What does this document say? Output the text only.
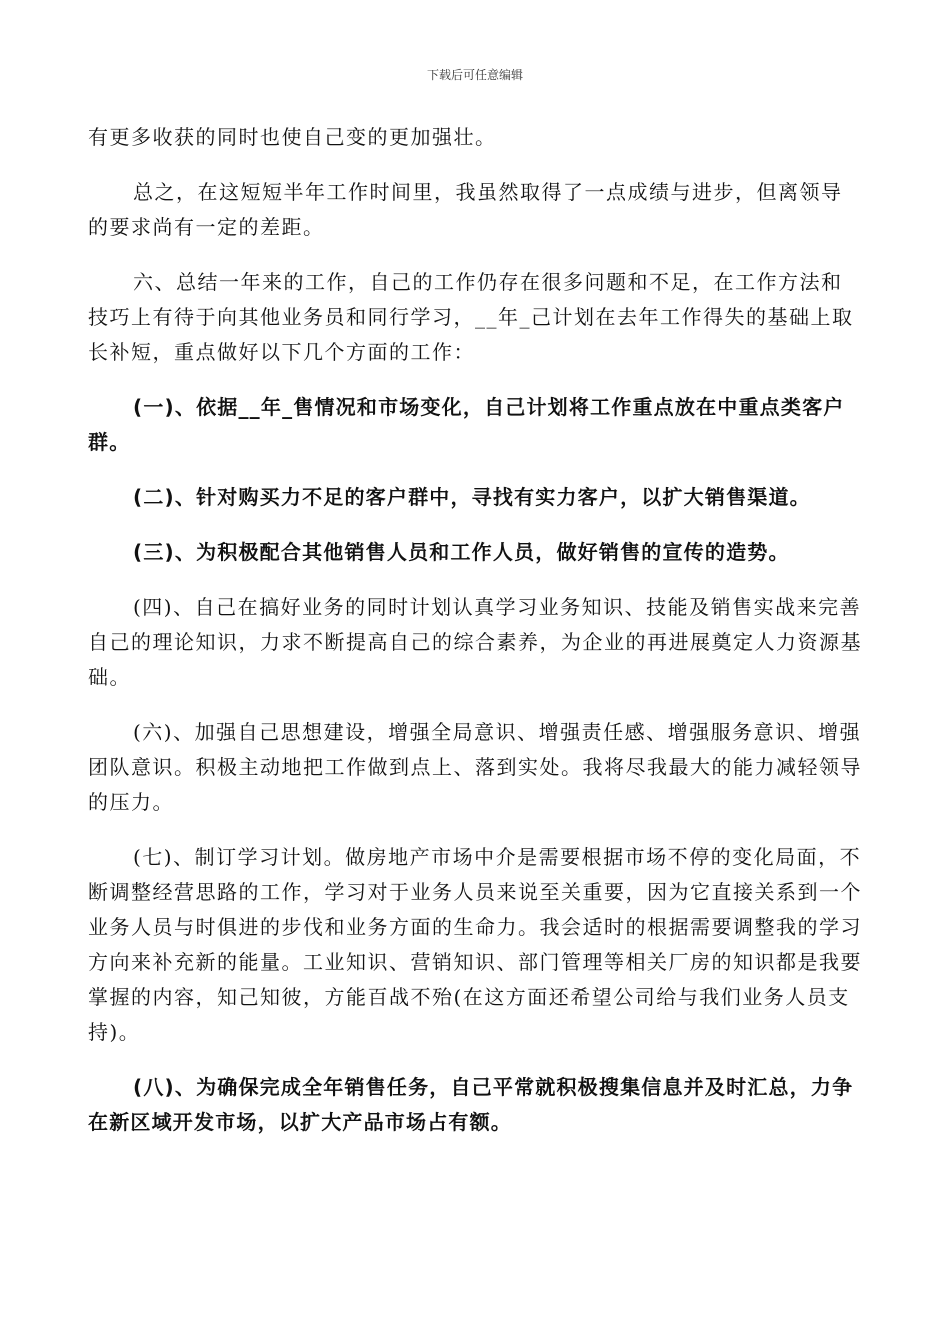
下载后可任意编辑

有更多收获的同时也使自己变的更加强壮。

总之，在这短短半年工作时间里，我虽然取得了一点成绩与进步，但离领导的要求尚有一定的差距。

六、总结一年来的工作，自己的工作仍存在很多问题和不足，在工作方法和技巧上有待于向其他业务员和同行学习，__年_己计划在去年工作得失的基础上取长补短，重点做好以下几个方面的工作：

(一)、依据__年_售情况和市场变化，自己计划将工作重点放在中重点类客户群。

(二)、针对购买力不足的客户群中，寻找有实力客户，以扩大销售渠道。

(三)、为积极配合其他销售人员和工作人员，做好销售的宣传的造势。

(四)、自己在搞好业务的同时计划认真学习业务知识、技能及销售实战来完善自己的理论知识，力求不断提高自己的综合素养，为企业的再进展奠定人力资源基础。

(六)、加强自己思想建设，增强全局意识、增强责任感、增强服务意识、增强团队意识。积极主动地把工作做到点上、落到实处。我将尽我最大的能力减轻领导的压力。

(七)、制订学习计划。做房地产市场中介是需要根据市场不停的变化局面，不断调整经营思路的工作，学习对于业务人员来说至关重要，因为它直接关系到一个业务人员与时俱进的步伐和业务方面的生命力。我会适时的根据需要调整我的学习方向来补充新的能量。工业知识、营销知识、部门管理等相关厂房的知识都是我要掌握的内容，知己知彼，方能百战不殆(在这方面还希望公司给与我们业务人员支持)。

(八)、为确保完成全年销售任务，自己平常就积极搜集信息并及时汇总，力争在新区域开发市场，以扩大产品市场占有额。
